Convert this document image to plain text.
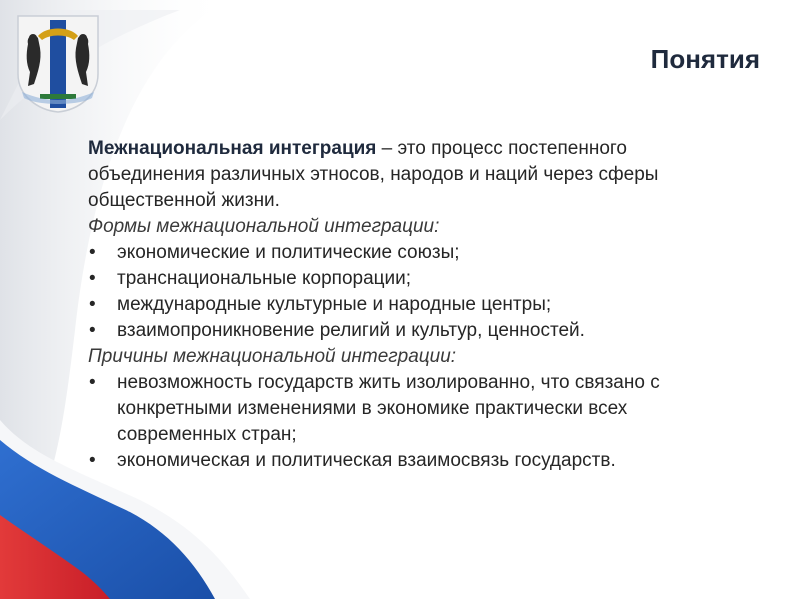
Понятия

Межнациональная интеграция – это процесс постепенного объединения различных этносов, народов и наций через сферы общественной жизни.

Формы межнациональной интеграции:

• экономические и политические союзы;
• транснациональные корпорации;
• международные культурные и народные центры;
• взаимопроникновение религий и культур, ценностей.

Причины межнациональной интеграции:

• невозможность государств жить изолированно, что связано с конкретными изменениями в экономике практически всех современных стран;
• экономическая и политическая взаимосвязь государств.
